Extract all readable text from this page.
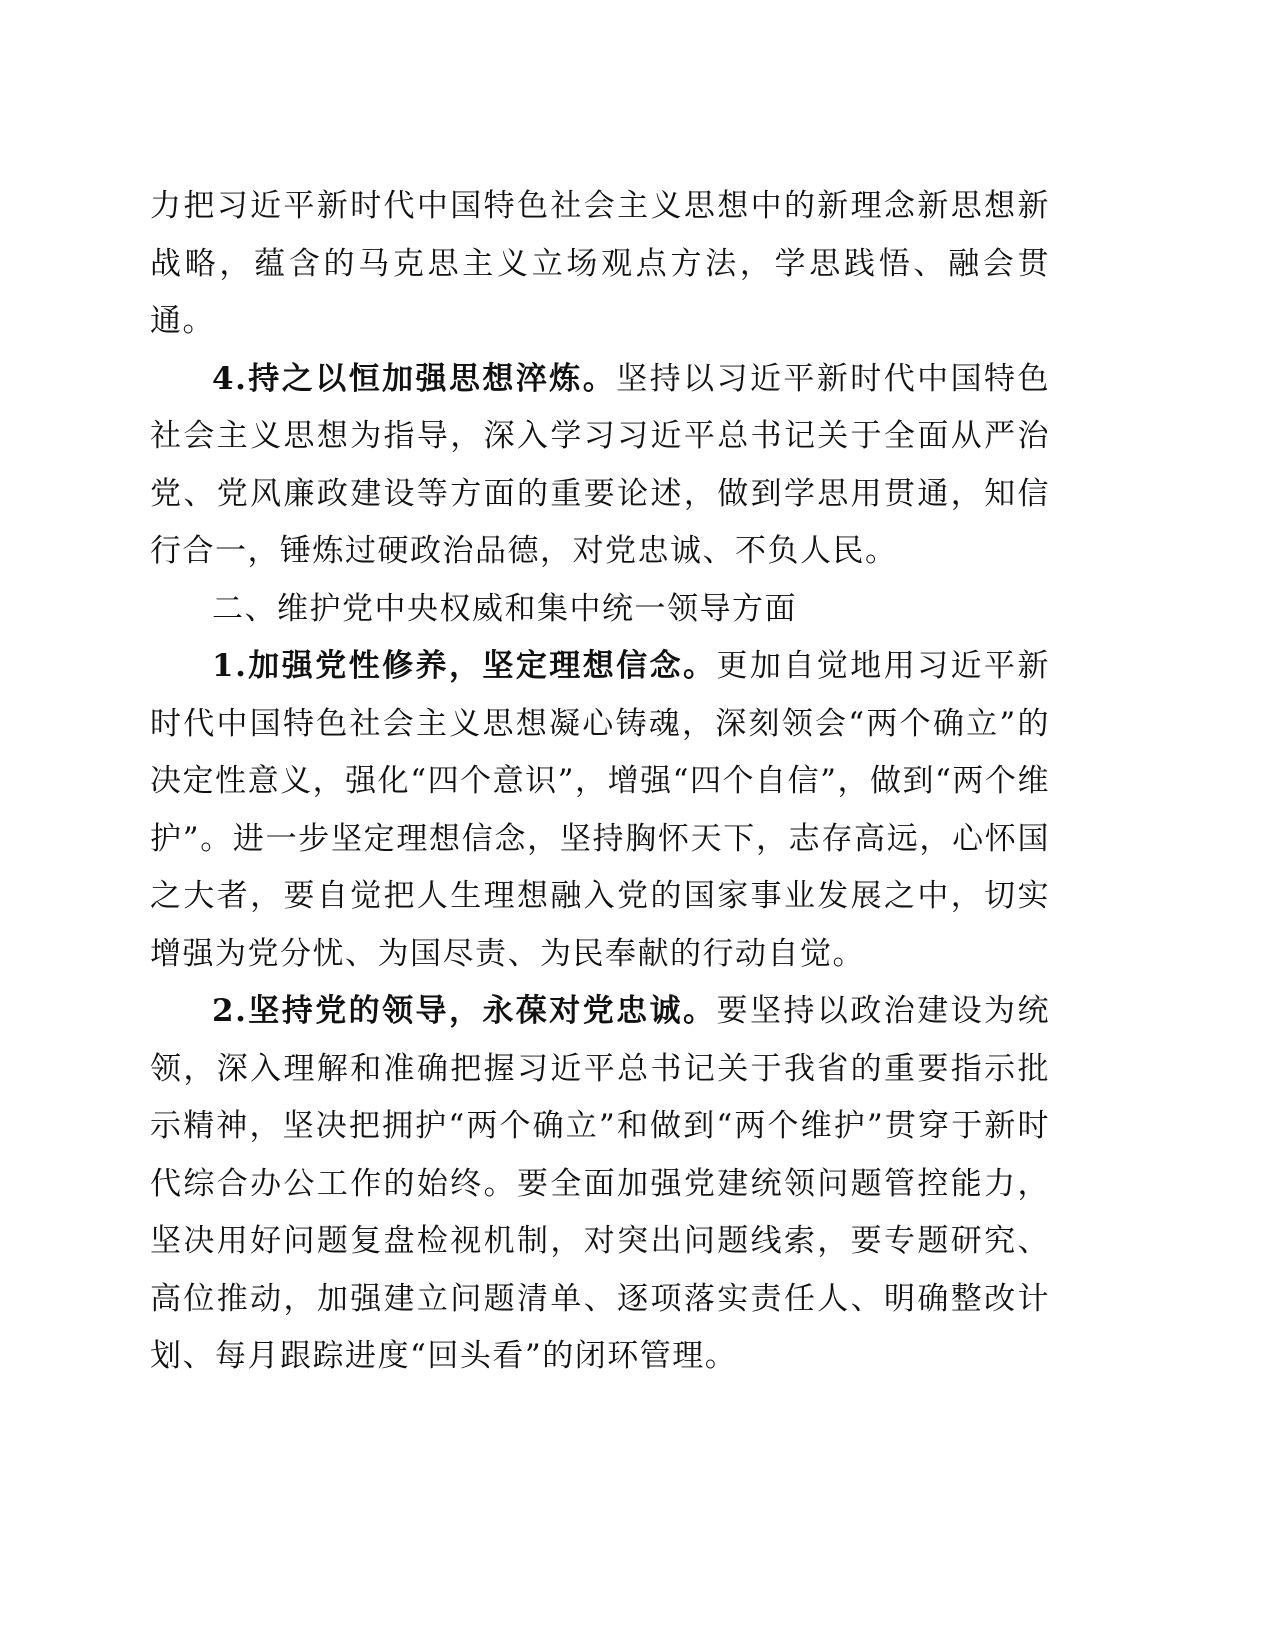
力把习近平新时代中国特色社会主义思想中的新理念新思想新战略，蕴含的马克思主义立场观点方法，学思践悟、融会贯通。

4.持之以恒加强思想淬炼。坚持以习近平新时代中国特色社会主义思想为指导，深入学习习近平总书记关于全面从严治党、党风廉政建设等方面的重要论述，做到学思用贯通，知信行合一，锤炼过硬政治品德，对党忠诚、不负人民。

二、维护党中央权威和集中统一领导方面

1.加强党性修养，坚定理想信念。更加自觉地用习近平新时代中国特色社会主义思想凝心铸魂，深刻领会“两个确立”的决定性意义，强化“四个意识”，增强“四个自信”，做到“两个维护”。进一步坚定理想信念，坚持胸怀天下，志存高远，心怀国之大者，要自觉把人生理想融入党的国家事业发展之中，切实增强为党分忧、为国尽责、为民奉献的行动自觉。

2.坚持党的领导，永葆对党忠诚。要坚持以政治建设为统领，深入理解和准确把握习近平总书记关于我省的重要指示批示精神，坚决把拥护“两个确立”和做到“两个维护”贯穿于新时代综合办公工作的始终。要全面加强党建统领问题管控能力，坚决用好问题复盘检视机制，对突出问题线索，要专题研究、高位推动，加强建立问题清单、逐项落实责任人、明确整改计划、每月跟踪进度“回头看”的闭环管理。
